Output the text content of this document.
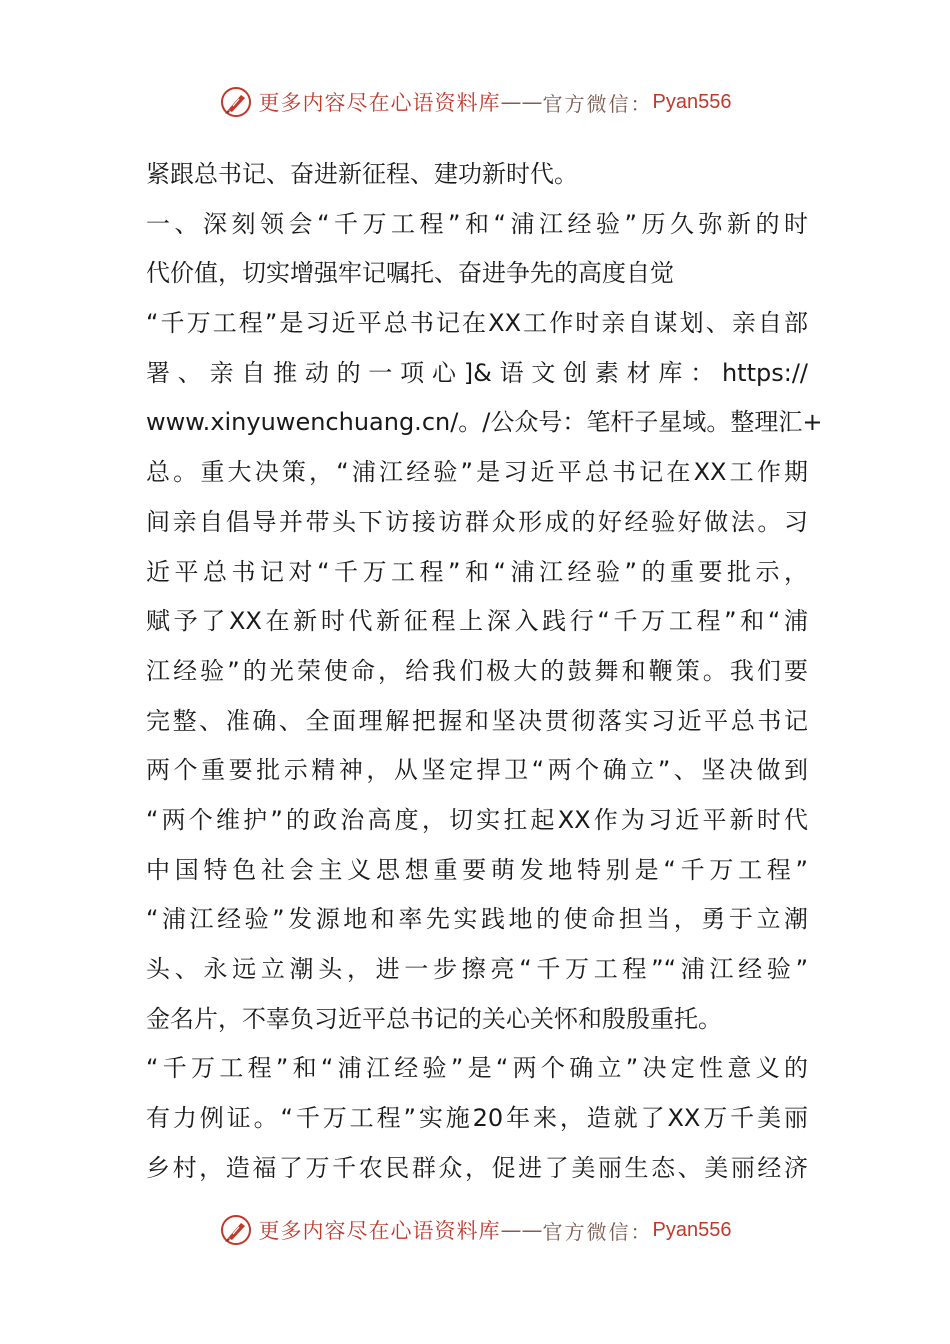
更多内容尽在心语资料库 —— 官方微信： Pyan556
紧跟总书记、奋进新征程、建功新时代。
一、深刻领会“千万工程”和“浦江经验”历久弥新的时
代价值，切实增强牢记嘱托、奋进争先的高度自觉
“千万工程”是习近平总书记在XX工作时亲自谋划、亲自部
署、亲自推动的一项心]&语文创素材库：https://
www.xinyuwenchuang.cn/。/公众号：笔杆子星域。整理汇+
总。重大决策，“浦江经验”是习近平总书记在XX工作期
间亲自倡导并带头下访接访群众形成的好经验好做法。习
近平总书记对“千万工程”和“浦江经验”的重要批示，
赋予了XX在新时代新征程上深入践行“千万工程”和“浦
江经验”的光荣使命，给我们极大的鼓舞和鞭策。我们要
完整、准确、全面理解把握和坚决贯彻落实习近平总书记
两个重要批示精神，从坚定捍卫“两个确立”、坚决做到
“两个维护”的政治高度，切实扛起XX作为习近平新时代
中国特色社会主义思想重要萌发地特别是“千万工程”
“浦江经验”发源地和率先实践地的使命担当，勇于立潮
头、永远立潮头，进一步擦亮“千万工程”“浦江经验”
金名片，不辜负习近平总书记的关心关怀和殷殷重托。
“千万工程”和“浦江经验”是“两个确立”决定性意义的
有力例证。“千万工程”实施20年来，造就了XX万千美丽
乡村，造福了万千农民群众，促进了美丽生态、美丽经济
更多内容尽在心语资料库 —— 官方微信： Pyan556
